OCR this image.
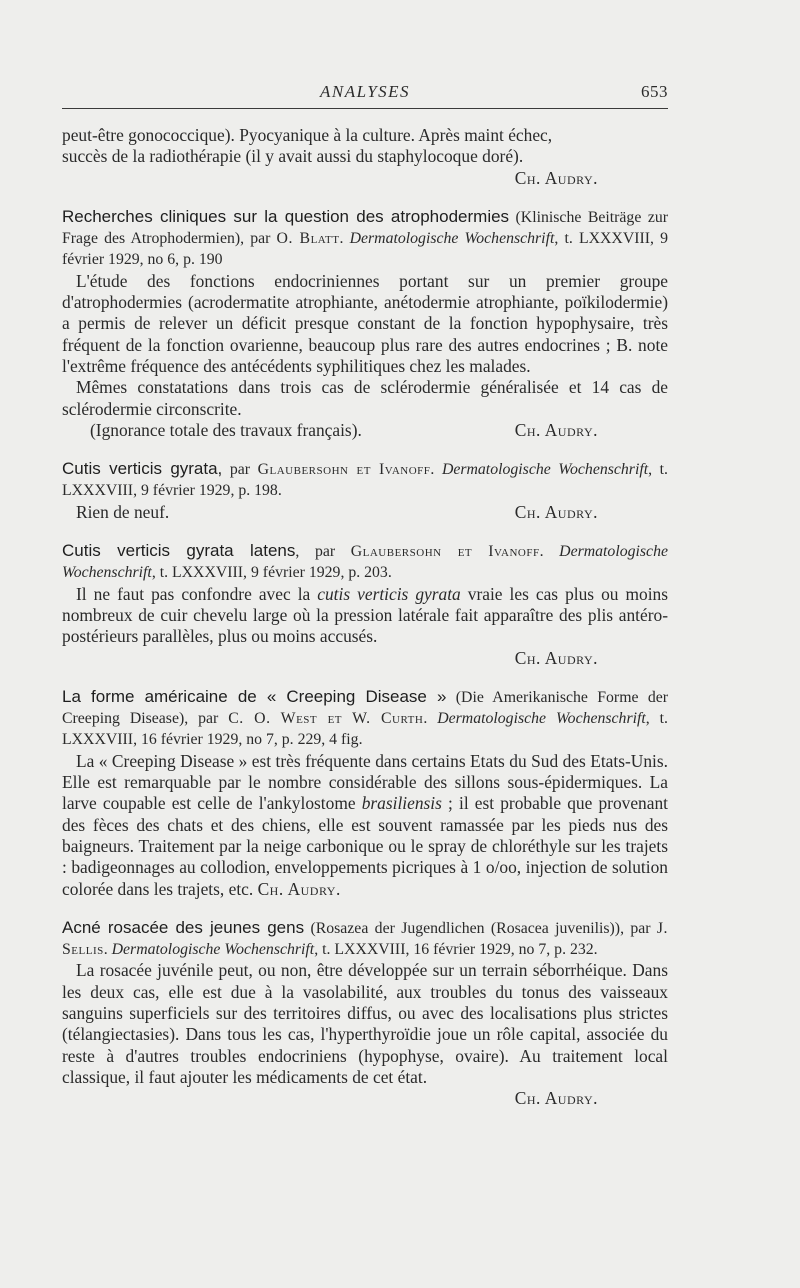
ANALYSES	653

peut-être gonococcique). Pyocyanique à la culture. Après maint échec,

succès de la radiothérapie (il y avait aussi du staphylocoque doré).

Ch. Audry.

Recherches cliniques sur la question des atrophodermies (Klinische Beiträge zur Frage des Atrophodermien), par O. Blatt. Dermatologische Wochenschrift, t. LXXXVIII, 9 février 1929, no 6, p. 190

L'étude des fonctions endocriniennes portant sur un premier groupe d'atrophodermies (acrodermatite atrophiante, anétodermie atrophiante, poïkilodermie) a permis de relever un déficit presque constant de la fonction hypophysaire, très fréquent de la fonction ovarienne, beaucoup plus rare des autres endocrines ; B. note l'extrême fréquence des antécédents syphilitiques chez les malades.

Mêmes constatations dans trois cas de sclérodermie généralisée et 14 cas de sclérodermie circonscrite.

(Ignorance totale des travaux français).	Ch. Audry.

Cutis verticis gyrata, par Glaubersohn et Ivanoff. Dermatologische Wochenschrift, t. LXXXVIII, 9 février 1929, p. 198.

Rien de neuf.	Ch. Audry.

Cutis verticis gyrata latens, par Glaubersohn et Ivanoff. Dermatologische Wochenschrift, t. LXXXVIII, 9 février 1929, p. 203.

Il ne faut pas confondre avec la cutis verticis gyrata vraie les cas plus ou moins nombreux de cuir chevelu large où la pression latérale fait apparaître des plis antéro-postérieurs parallèles, plus ou moins accusés.

Ch. Audry.

La forme américaine de « Creeping Disease » (Die Amerikanische Forme der Creeping Disease), par C. O. West et W. Curth. Dermatologische Wochenschrift, t. LXXXVIII, 16 février 1929, no 7, p. 229, 4 fig.

La « Creeping Disease » est très fréquente dans certains Etats du Sud des Etats-Unis. Elle est remarquable par le nombre considérable des sillons sous-épidermiques. La larve coupable est celle de l'ankylostome brasiliensis ; il est probable que provenant des fèces des chats et des chiens, elle est souvent ramassée par les pieds nus des baigneurs. Traitement par la neige carbonique ou le spray de chloréthyle sur les trajets : badigeonnages au collodion, enveloppements picriques à 1 o/oo, injection de solution colorée dans les trajets, etc. Ch. Audry.

Acné rosacée des jeunes gens (Rosazea der Jugendlichen (Rosacea juvenilis)), par J. Sellis. Dermatologische Wochenschrift, t. LXXXVIII, 16 février 1929, no 7, p. 232.

La rosacée juvénile peut, ou non, être développée sur un terrain séborrhéique. Dans les deux cas, elle est due à la vasolabilité, aux troubles du tonus des vaisseaux sanguins superficiels sur des territoires diffus, ou avec des localisations plus strictes (télangiectasies). Dans tous les cas, l'hyperthyroïdie joue un rôle capital, associée du reste à d'autres troubles endocriniens (hypophyse, ovaire). Au traitement local classique, il faut ajouter les médicaments de cet état.

Ch. Audry.
